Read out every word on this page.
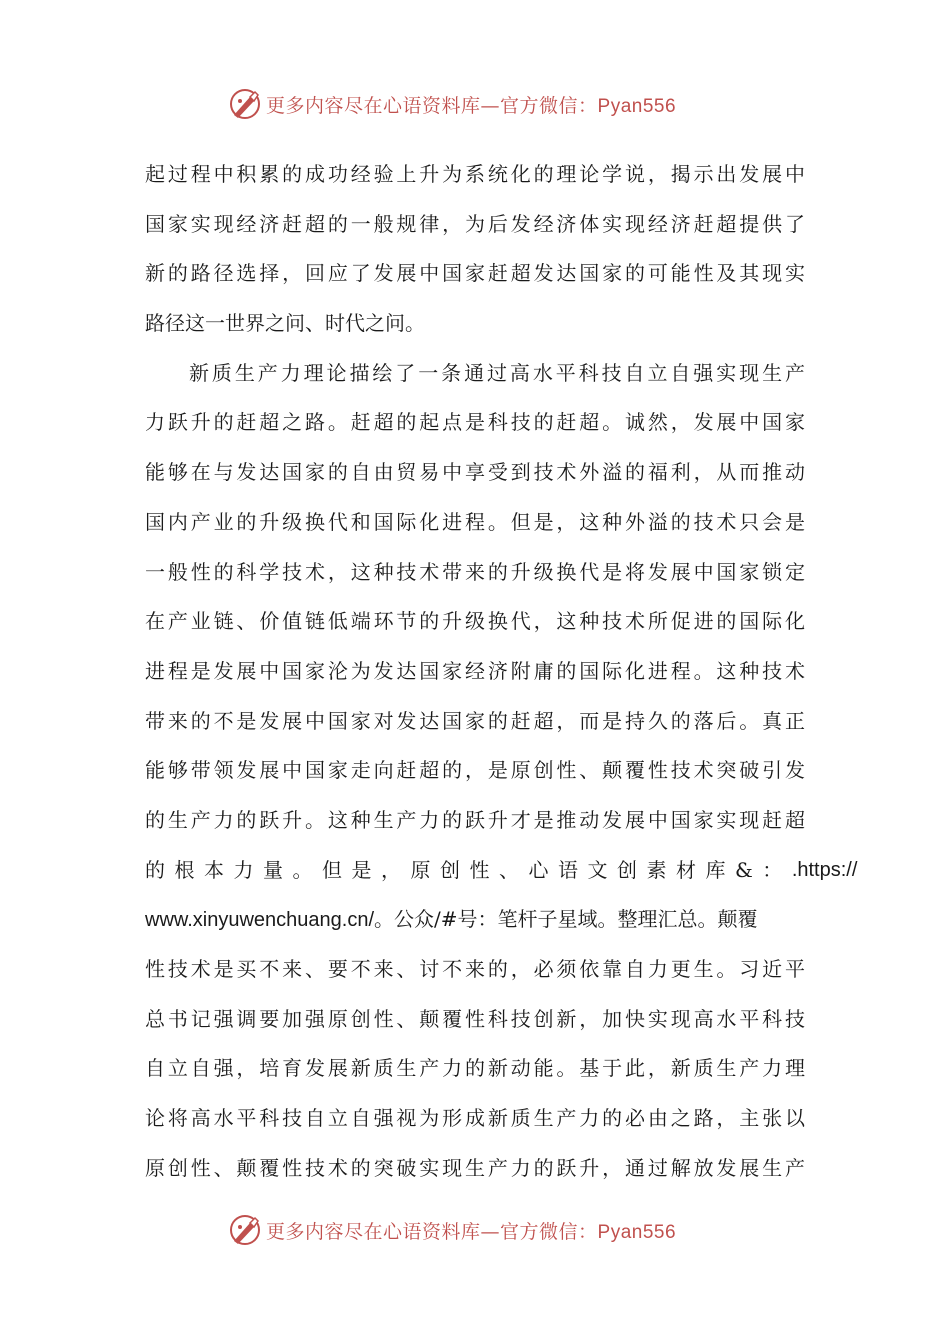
更多内容尽在心语资料库—官方微信：Pyan556
起过程中积累的成功经验上升为系统化的理论学说，揭示出发展中
国家实现经济赶超的一般规律，为后发经济体实现经济赶超提供了
新的路径选择，回应了发展中国家赶超发达国家的可能性及其现实
路径这一世界之问、时代之问。
新质生产力理论描绘了一条通过高水平科技自立自强实现生产
力跃升的赶超之路。赶超的起点是科技的赶超。诚然，发展中国家
能够在与发达国家的自由贸易中享受到技术外溢的福利，从而推动
国内产业的升级换代和国际化进程。但是，这种外溢的技术只会是
一般性的科学技术，这种技术带来的升级换代是将发展中国家锁定
在产业链、价值链低端环节的升级换代，这种技术所促进的国际化
进程是发展中国家沦为发达国家经济附庸的国际化进程。这种技术
带来的不是发展中国家对发达国家的赶超，而是持久的落后。真正
能够带领发展中国家走向赶超的，是原创性、颠覆性技术突破引发
的生产力的跃升。这种生产力的跃升才是推动发展中国家实现赶超
的根本力量。但是，原创性、心语文创素材库&： .https://
www.xinyuwenchuang.cn/。公众/#号：笔杆子星域。整理汇总。颠覆
性技术是买不来、要不来、讨不来的，必须依靠自力更生。习近平
总书记强调要加强原创性、颠覆性科技创新，加快实现高水平科技
自立自强，培育发展新质生产力的新动能。基于此，新质生产力理
论将高水平科技自立自强视为形成新质生产力的必由之路，主张以
原创性、颠覆性技术的突破实现生产力的跃升，通过解放发展生产
更多内容尽在心语资料库—官方微信：Pyan556
